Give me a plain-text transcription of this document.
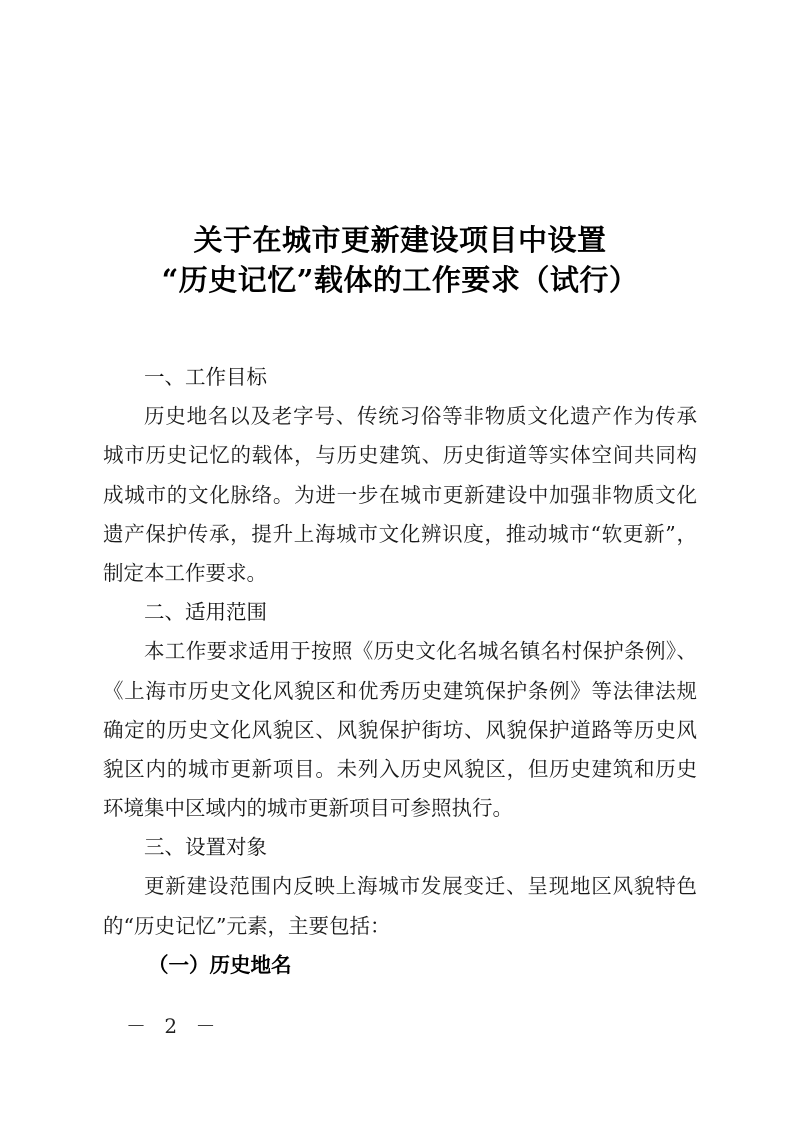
关于在城市更新建设项目中设置
“历史记忆”载体的工作要求（试行）
一、工作目标
历史地名以及老字号、传统习俗等非物质文化遗产作为传承
城市历史记忆的载体，与历史建筑、历史街道等实体空间共同构
成城市的文化脉络。为进一步在城市更新建设中加强非物质文化
遗产保护传承，提升上海城市文化辨识度，推动城市“软更新”，
制定本工作要求。
二、适用范围
本工作要求适用于按照《历史文化名城名镇名村保护条例》、
《上海市历史文化风貌区和优秀历史建筑保护条例》等法律法规
确定的历史文化风貌区、风貌保护街坊、风貌保护道路等历史风
貌区内的城市更新项目。未列入历史风貌区，但历史建筑和历史
环境集中区域内的城市更新项目可参照执行。
三、设置对象
更新建设范围内反映上海城市发展变迁、呈现地区风貌特色
的“历史记忆”元素，主要包括：
（一）历史地名
－ 2 －
